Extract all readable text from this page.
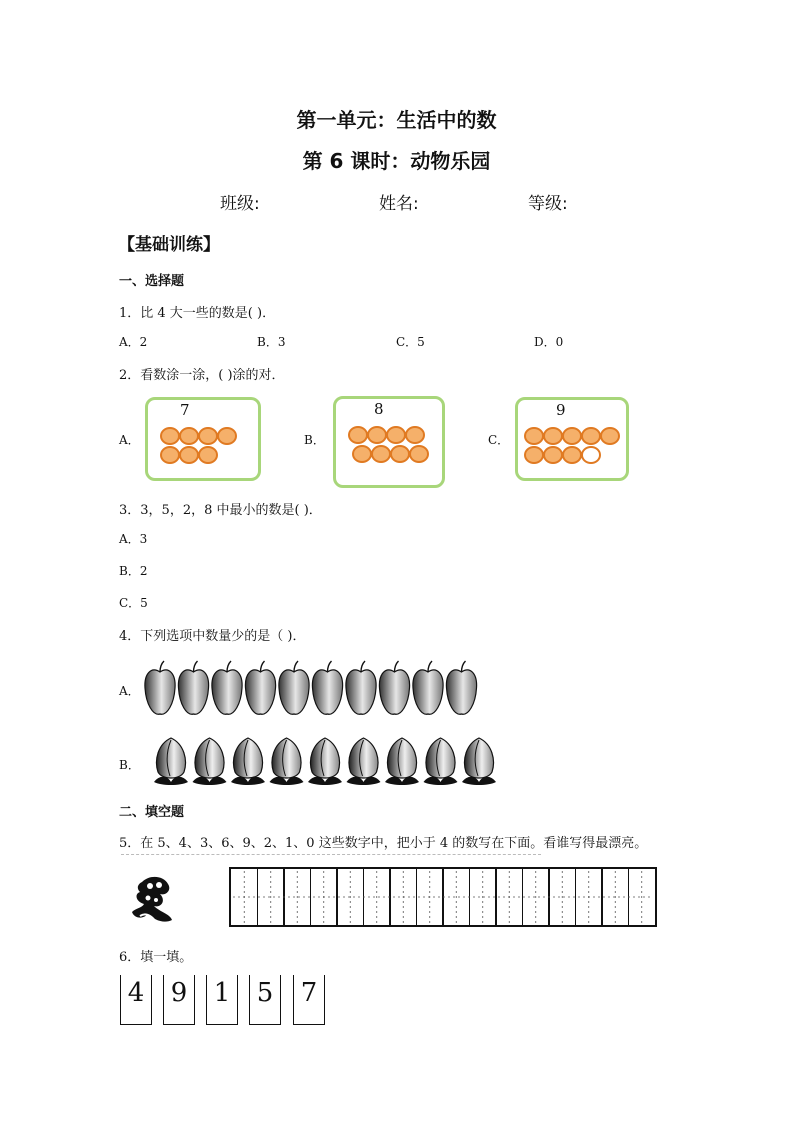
第一单元：生活中的数
第 6 课时：动物乐园
班级:	姓名:	等级:
【基础训练】
一、选择题
1．比 4 大一些的数是( )．
A．2	B．3	C．5	D．0
2．看数涂一涂，( )涂的对．
A．
7
B．
8
C．
9
3．3，5，2，8 中最小的数是( )．
A．3
B．2
C．5
4．下列选项中数量少的是（ )．
A．
B．
二、填空题
5．在 5、4、3、6、9、2、1、0 这些数字中，把小于 4 的数写在下面。看谁写得最漂亮。
6．填一填。
4 9 1 5 7
